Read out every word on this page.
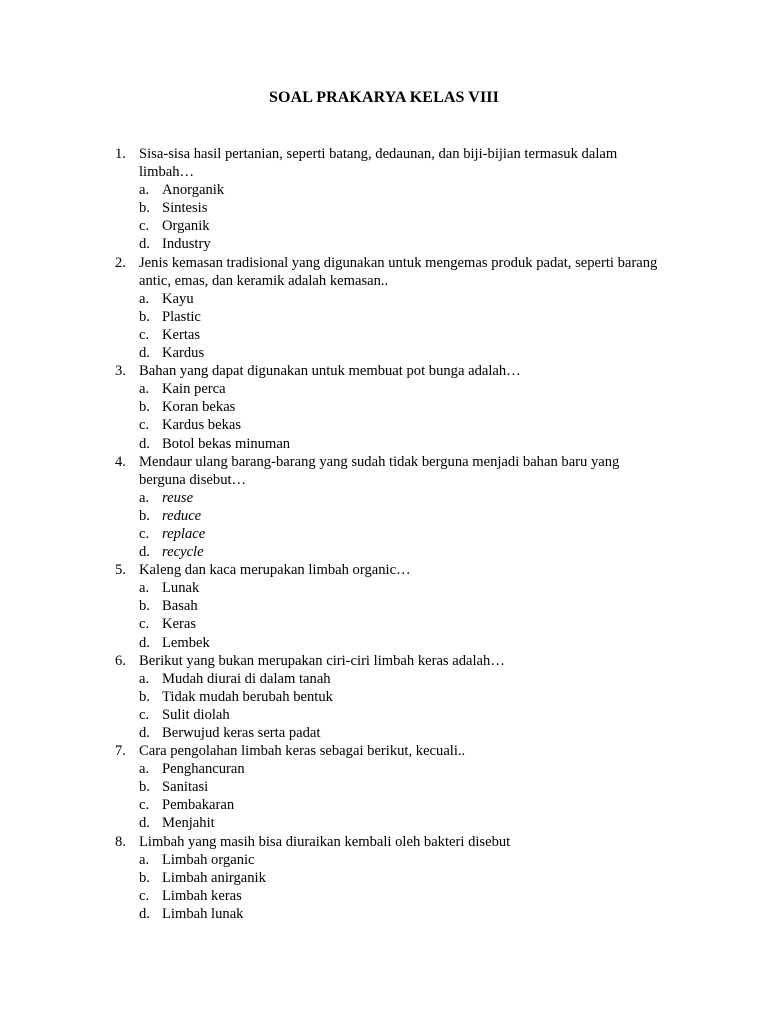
SOAL PRAKARYA KELAS VIII
1. Sisa-sisa hasil pertanian, seperti batang, dedaunan, dan biji-bijian termasuk dalam limbah…
a. Anorganik
b. Sintesis
c. Organik
d. Industry
2. Jenis kemasan tradisional yang digunakan untuk mengemas produk padat, seperti barang antic, emas, dan keramik adalah kemasan..
a. Kayu
b. Plastic
c. Kertas
d. Kardus
3. Bahan yang dapat digunakan untuk membuat pot bunga adalah…
a. Kain perca
b. Koran bekas
c. Kardus bekas
d. Botol bekas minuman
4. Mendaur ulang barang-barang yang sudah tidak berguna menjadi bahan baru yang berguna disebut…
a. reuse
b. reduce
c. replace
d. recycle
5. Kaleng dan kaca merupakan limbah organic…
a. Lunak
b. Basah
c. Keras
d. Lembek
6. Berikut yang bukan merupakan ciri-ciri limbah keras adalah…
a. Mudah diurai di dalam tanah
b. Tidak mudah berubah bentuk
c. Sulit diolah
d. Berwujud keras serta padat
7. Cara pengolahan limbah keras sebagai berikut, kecuali..
a. Penghancuran
b. Sanitasi
c. Pembakaran
d. Menjahit
8. Limbah yang masih bisa diuraikan kembali oleh bakteri disebut
a. Limbah organic
b. Limbah anirganik
c. Limbah keras
d. Limbah lunak
